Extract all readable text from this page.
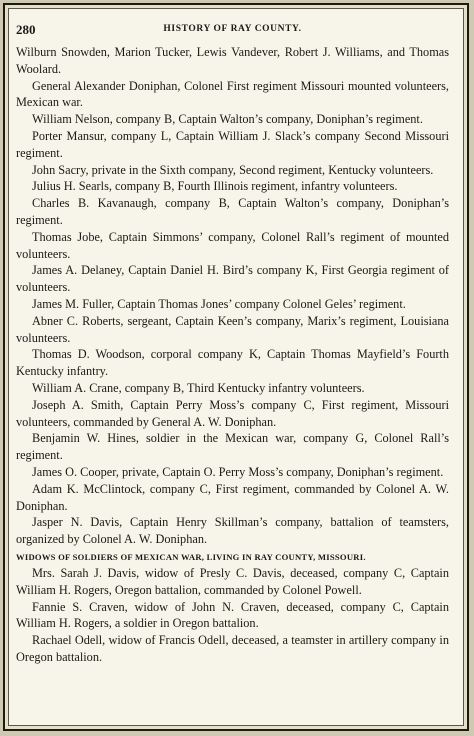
280	HISTORY OF RAY COUNTY.

Wilburn Snowden, Marion Tucker, Lewis Vandever, Robert J. Williams, and Thomas Woolard.

General Alexander Doniphan, Colonel First regiment Missouri mounted volunteers, Mexican war.

William Nelson, company B, Captain Walton’s company, Doniphan’s regiment.

Porter Mansur, company L, Captain William J. Slack’s company Second Missouri regiment.

John Sacry, private in the Sixth company, Second regiment, Kentucky volunteers.

Julius H. Searls, company B, Fourth Illinois regiment, infantry volunteers.

Charles B. Kavanaugh, company B, Captain Walton’s company, Doniphan’s regiment.

Thomas Jobe, Captain Simmons’ company, Colonel Rall’s regiment of mounted volunteers.

James A. Delaney, Captain Daniel H. Bird’s company K, First Georgia regiment of volunteers.

James M. Fuller, Captain Thomas Jones’ company Colonel Geles’ regiment.

Abner C. Roberts, sergeant, Captain Keen’s company, Marix’s regiment, Louisiana volunteers.

Thomas D. Woodson, corporal company K, Captain Thomas Mayfield’s Fourth Kentucky infantry.

William A. Crane, company B, Third Kentucky infantry volunteers.

Joseph A. Smith, Captain Perry Moss’s company C, First regiment, Missouri volunteers, commanded by General A. W. Doniphan.

Benjamin W. Hines, soldier in the Mexican war, company G, Colonel Rall’s regiment.

James O. Cooper, private, Captain O. Perry Moss’s company, Doniphan’s regiment.

Adam K. McClintock, company C, First regiment, commanded by Colonel A. W. Doniphan.

Jasper N. Davis, Captain Henry Skillman’s company, battalion of teamsters, organized by Colonel A. W. Doniphan.

WIDOWS OF SOLDIERS OF MEXICAN WAR, LIVING IN RAY COUNTY, MISSOURI.

Mrs. Sarah J. Davis, widow of Presly C. Davis, deceased, company C, Captain William H. Rogers, Oregon battalion, commanded by Colonel Powell.

Fannie S. Craven, widow of John N. Craven, deceased, company C, Captain William H. Rogers, a soldier in Oregon battalion.

Rachael Odell, widow of Francis Odell, deceased, a teamster in artillery company in Oregon battalion.
